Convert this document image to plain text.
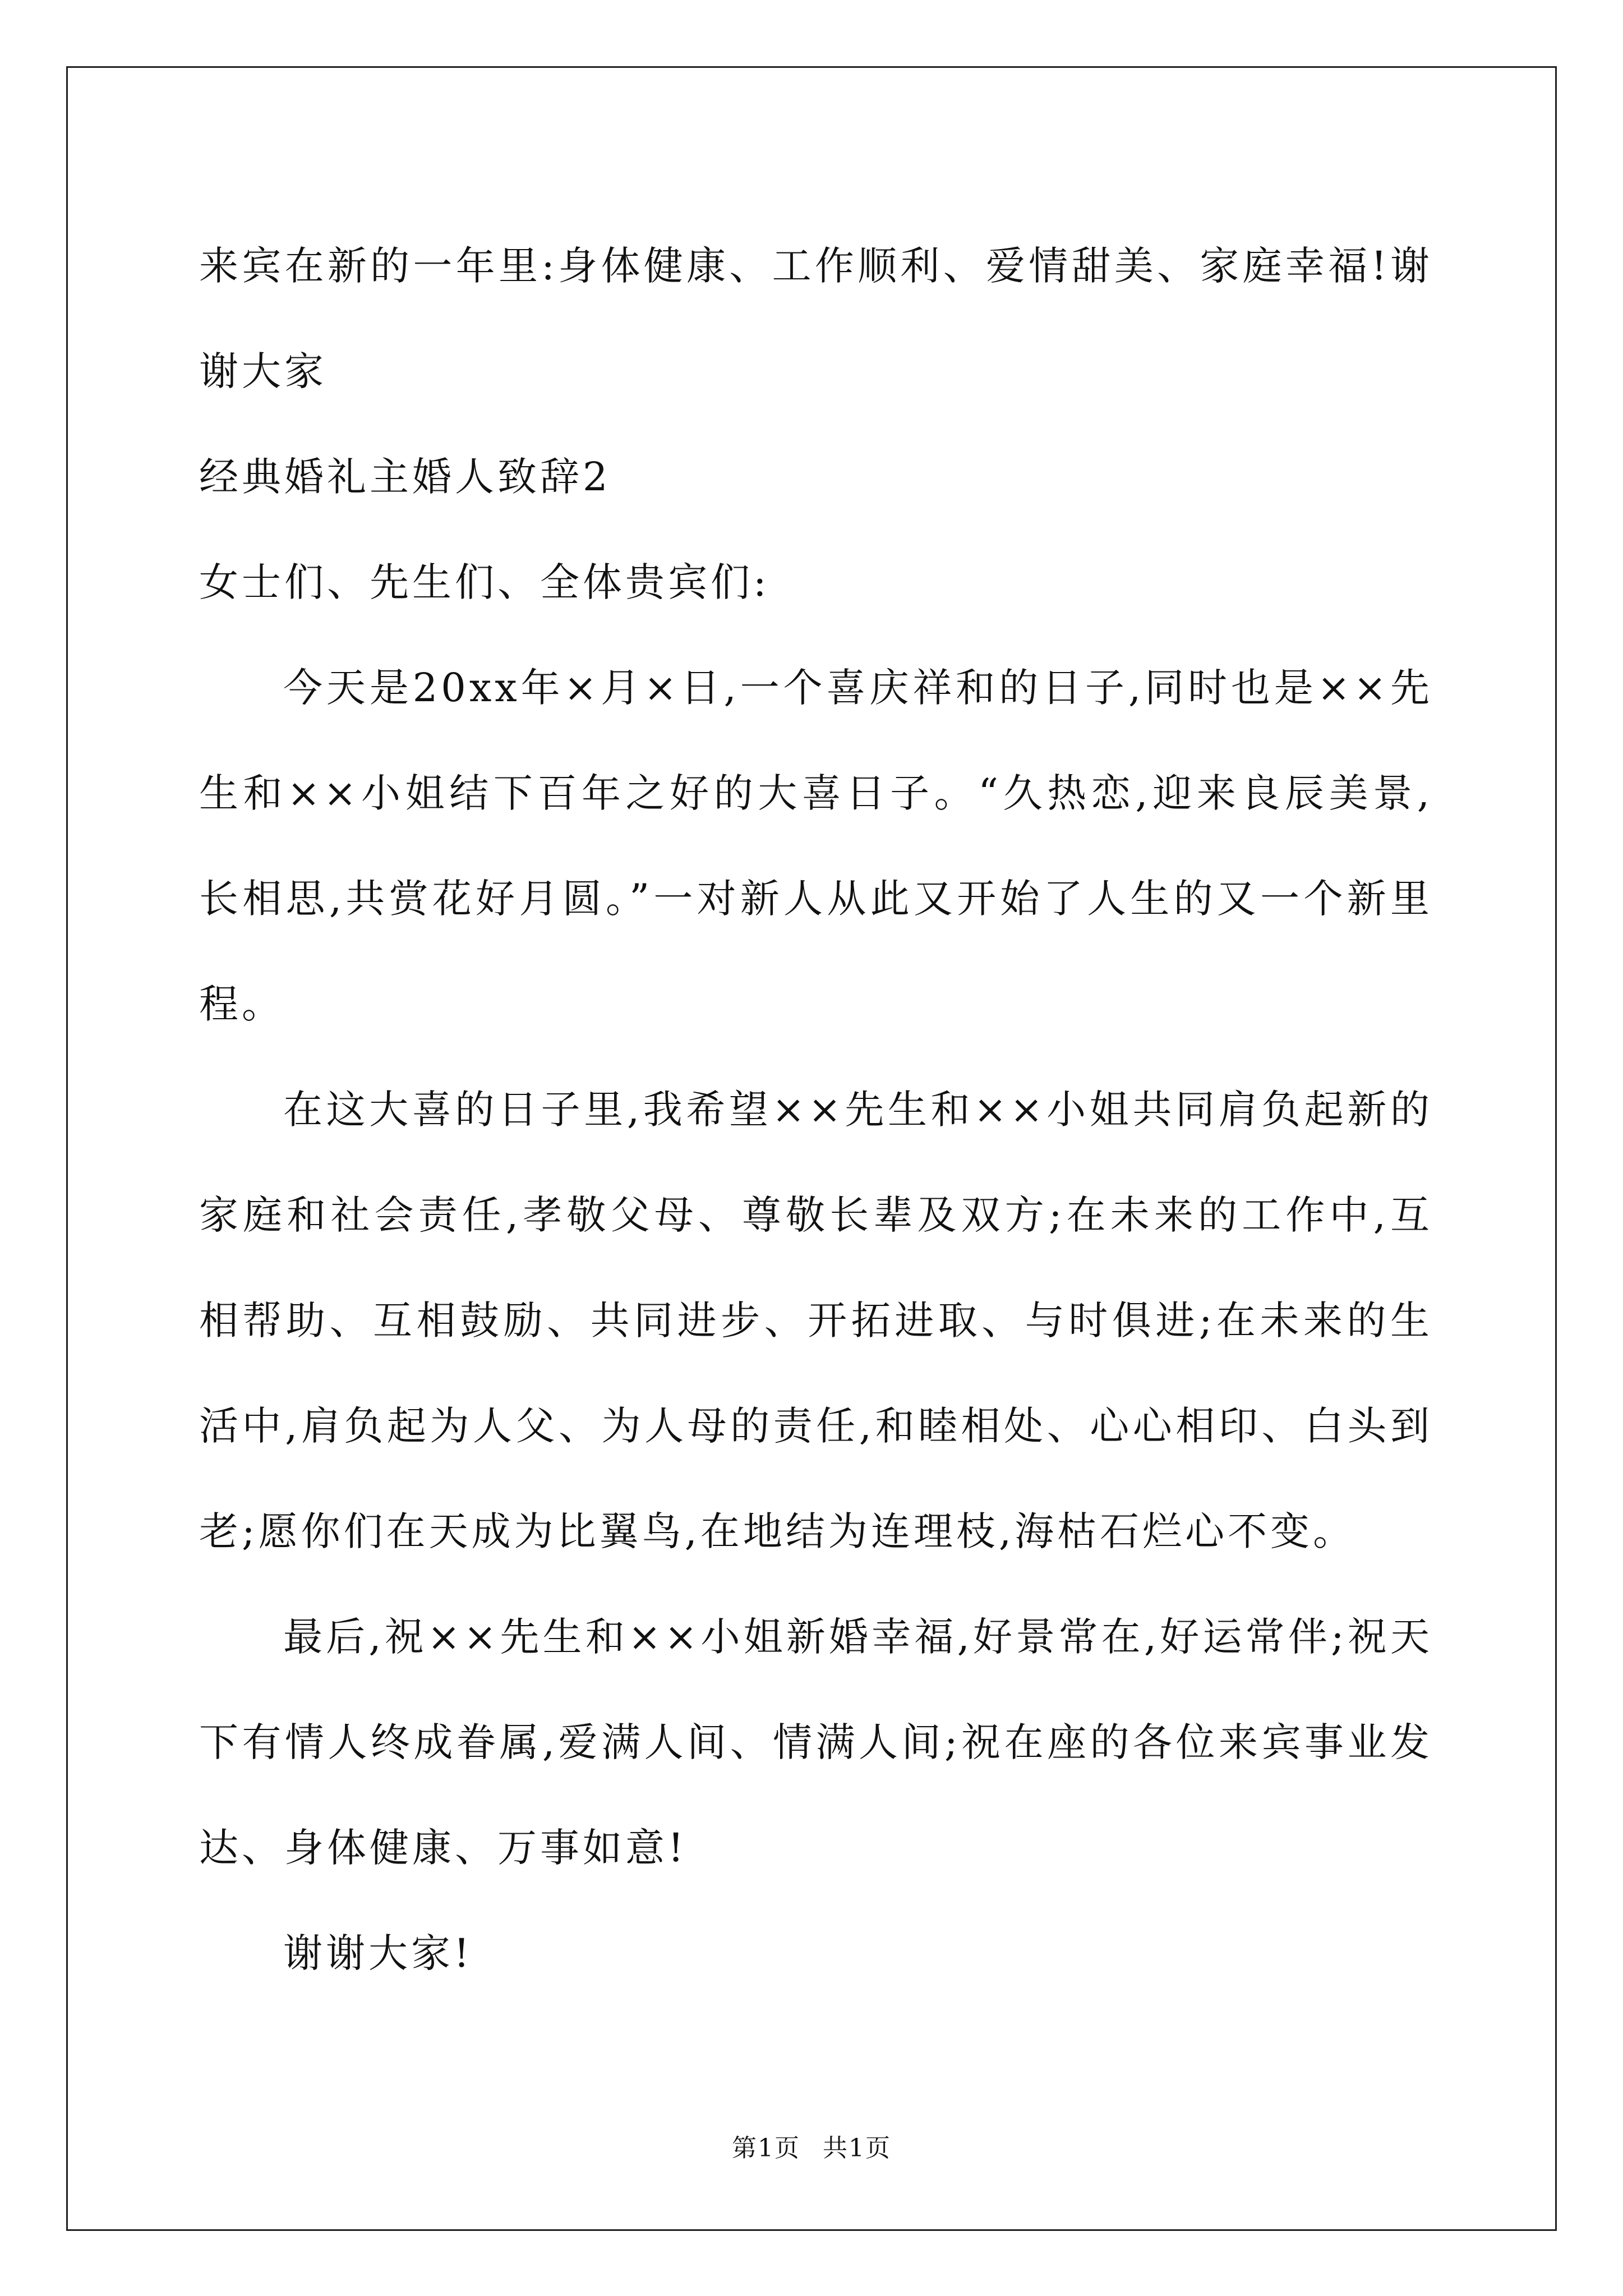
来宾在新的一年里:身体健康、工作顺利、爱情甜美、家庭幸福!谢谢大家

经典婚礼主婚人致辞2

女士们、先生们、全体贵宾们:

今天是20xx年×月×日,一个喜庆祥和的日子,同时也是××先生和××小姐结下百年之好的大喜日子。“久热恋,迎来良辰美景,长相思,共赏花好月圆。”一对新人从此又开始了人生的又一个新里程。

在这大喜的日子里,我希望××先生和××小姐共同肩负起新的家庭和社会责任,孝敬父母、尊敬长辈及双方;在未来的工作中,互相帮助、互相鼓励、共同进步、开拓进取、与时俱进;在未来的生活中,肩负起为人父、为人母的责任,和睦相处、心心相印、白头到老;愿你们在天成为比翼鸟,在地结为连理枝,海枯石烂心不变。

最后,祝××先生和××小姐新婚幸福,好景常在,好运常伴;祝天下有情人终成眷属,爱满人间、情满人间;祝在座的各位来宾事业发达、身体健康、万事如意!

谢谢大家!

第1页 共1页
